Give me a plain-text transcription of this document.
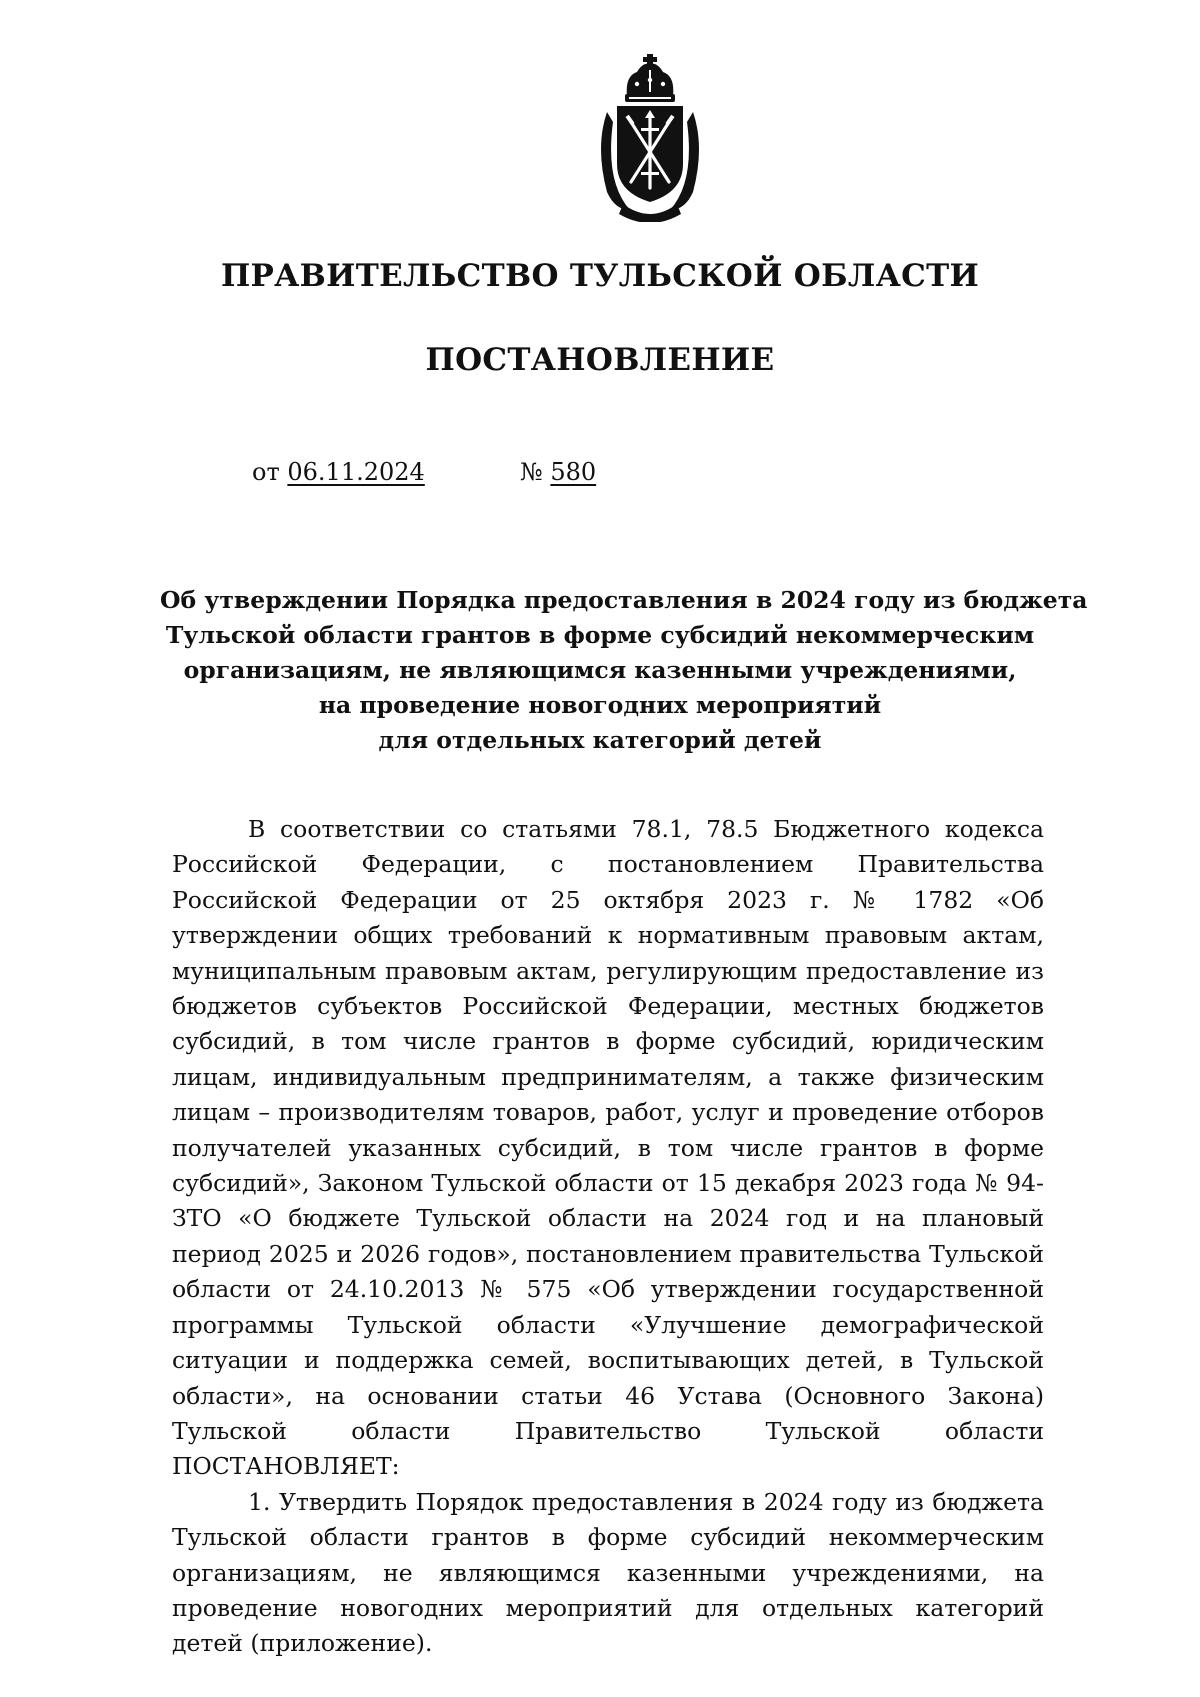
ПРАВИТЕЛЬСТВО ТУЛЬСКОЙ ОБЛАСТИ
ПОСТАНОВЛЕНИЕ
от 06.11.2024	№ 580
Об утверждении Порядка предоставления в 2024 году из бюджета
Тульской области грантов в форме субсидий некоммерческим
организациям, не являющимся казенными учреждениями,
на проведение новогодних мероприятий
для отдельных категорий детей

В соответствии со статьями 78.1, 78.5 Бюджетного кодекса Российской Федерации, с постановлением Правительства Российской Федерации от 25 октября 2023 г. № 1782 «Об утверждении общих требований к нормативным правовым актам, муниципальным правовым актам, регулирующим предоставление из бюджетов субъектов Российской Федерации, местных бюджетов субсидий, в том числе грантов в форме субсидий, юридическим лицам, индивидуальным предпринимателям, а также физическим лицам – производителям товаров, работ, услуг и проведение отборов получателей указанных субсидий, в том числе грантов в форме субсидий», Законом Тульской области от 15 декабря 2023 года № 94-ЗТО «О бюджете Тульской области на 2024 год и на плановый период 2025 и 2026 годов», постановлением правительства Тульской области от 24.10.2013 № 575 «Об утверждении государственной программы Тульской области «Улучшение демографической ситуации и поддержка семей, воспитывающих детей, в Тульской области», на основании статьи 46 Устава (Основного Закона) Тульской области Правительство Тульской области ПОСТАНОВЛЯЕТ:

1. Утвердить Порядок предоставления в 2024 году из бюджета Тульской области грантов в форме субсидий некоммерческим организациям, не являющимся казенными учреждениями, на проведение новогодних мероприятий для отдельных категорий детей (приложение).
